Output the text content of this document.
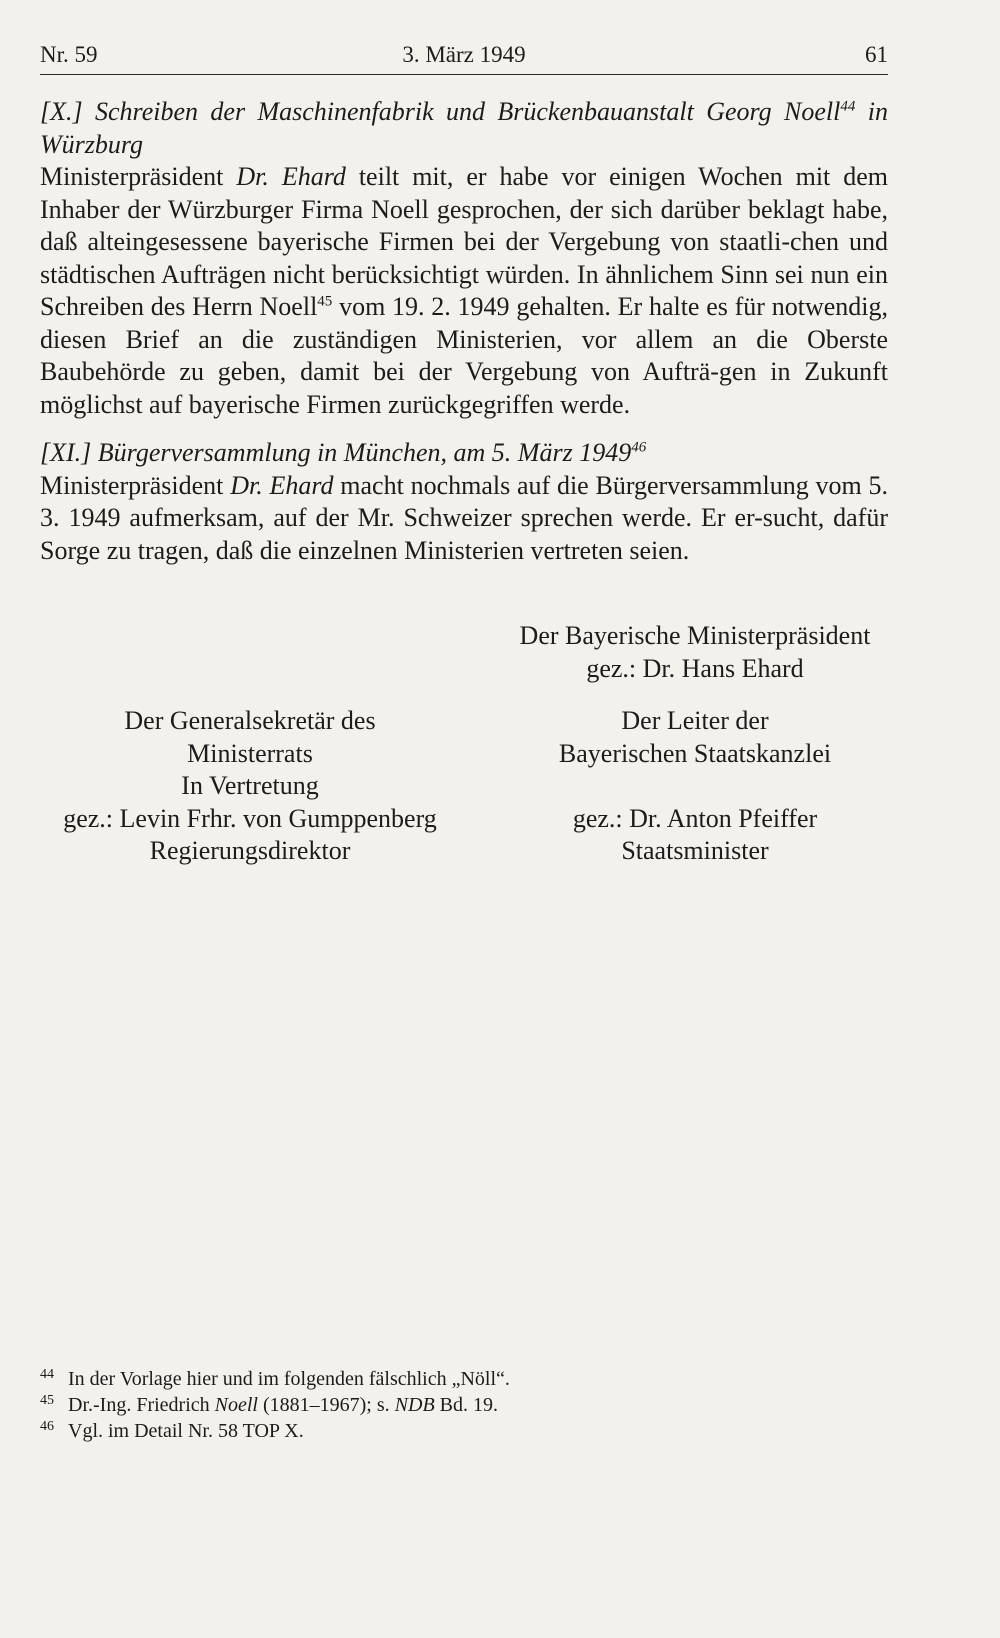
Nr. 59	3. März 1949	61

[X.] Schreiben der Maschinenfabrik und Brückenbauanstalt Georg Noell$^{44}$ in Würzburg

Ministerpräsident Dr. Ehard teilt mit, er habe vor einigen Wochen mit dem Inhaber der Würzburger Firma Noell gesprochen, der sich darüber beklagt habe, daß alteingesessene bayerische Firmen bei der Vergebung von staatli-chen und städtischen Aufträgen nicht berücksichtigt würden. In ähnlichem Sinn sei nun ein Schreiben des Herrn Noell$^{45}$ vom 19. 2. 1949 gehalten. Er halte es für notwendig, diesen Brief an die zuständigen Ministerien, vor allem an die Oberste Baubehörde zu geben, damit bei der Vergebung von Aufträ-gen in Zukunft möglichst auf bayerische Firmen zurückgegriffen werde.

[XI.] Bürgerversammlung in München, am 5. März 1949$^{46}$

Ministerpräsident Dr. Ehard macht nochmals auf die Bürgerversammlung vom 5. 3. 1949 aufmerksam, auf der Mr. Schweizer sprechen werde. Er er-sucht, dafür Sorge zu tragen, daß die einzelnen Ministerien vertreten seien.

Der Bayerische Ministerpräsident
gez.: Dr. Hans Ehard
Der Generalsekretär des
Ministerrats
In Vertretung
gez.: Levin Frhr. von Gumppenberg
Regierungsdirektor
Der Leiter der
Bayerischen Staatskanzlei

gez.: Dr. Anton Pfeiffer
Staatsminister
44 In der Vorlage hier und im folgenden fälschlich „Nöll“.
45 Dr.-Ing. Friedrich Noell (1881–1967); s. NDB Bd. 19.
46 Vgl. im Detail Nr. 58 TOP X.
